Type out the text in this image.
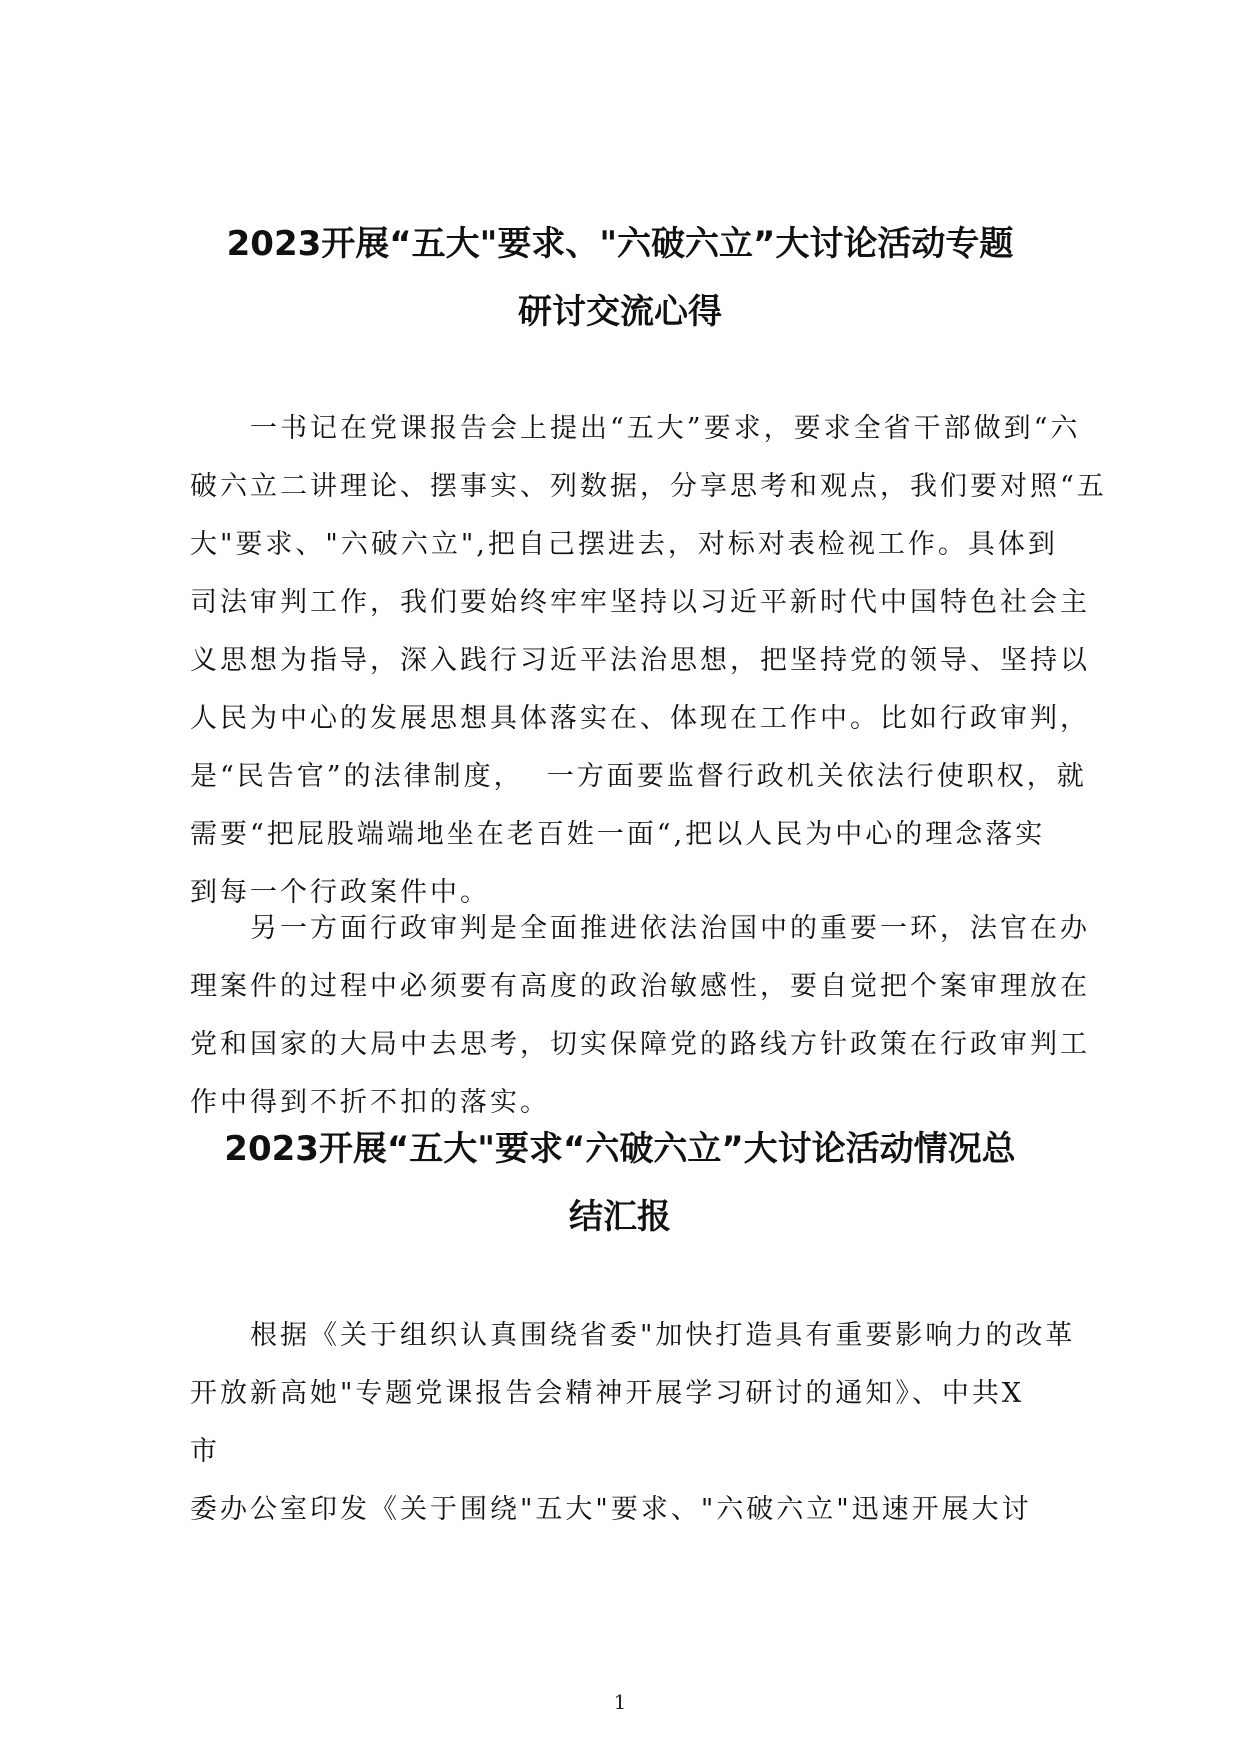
2023开展“五大"要求、"六破六立”大讨论活动专题
研讨交流心得

一书记在党课报告会上提出“五大”要求，要求全省干部做到“六
破六立二讲理论、摆事实、列数据，分享思考和观点，我们要对照“五
大"要求、"六破六立",把自己摆进去，对标对表检视工作。具体到
司法审判工作，我们要始终牢牢坚持以习近平新时代中国特色社会主
义思想为指导，深入践行习近平法治思想，把坚持党的领导、坚持以
人民为中心的发展思想具体落实在、体现在工作中。比如行政审判，
是“民告官”的法律制度，  一方面要监督行政机关依法行使职权，就
需要“把屁股端端地坐在老百姓一面“,把以人民为中心的理念落实
到每一个行政案件中。

另一方面行政审判是全面推进依法治国中的重要一环，法官在办
理案件的过程中必须要有高度的政治敏感性，要自觉把个案审理放在
党和国家的大局中去思考，切实保障党的路线方针政策在行政审判工
作中得到不折不扣的落实。

2023开展“五大"要求“六破六立”大讨论活动情况总
结汇报

根据《关于组织认真围绕省委"加快打造具有重要影响力的改革
开放新高她"专题党课报告会精神开展学习研讨的通知》、中共X
市
委办公室印发《关于围绕"五大"要求、"六破六立"迅速开展大讨

1
